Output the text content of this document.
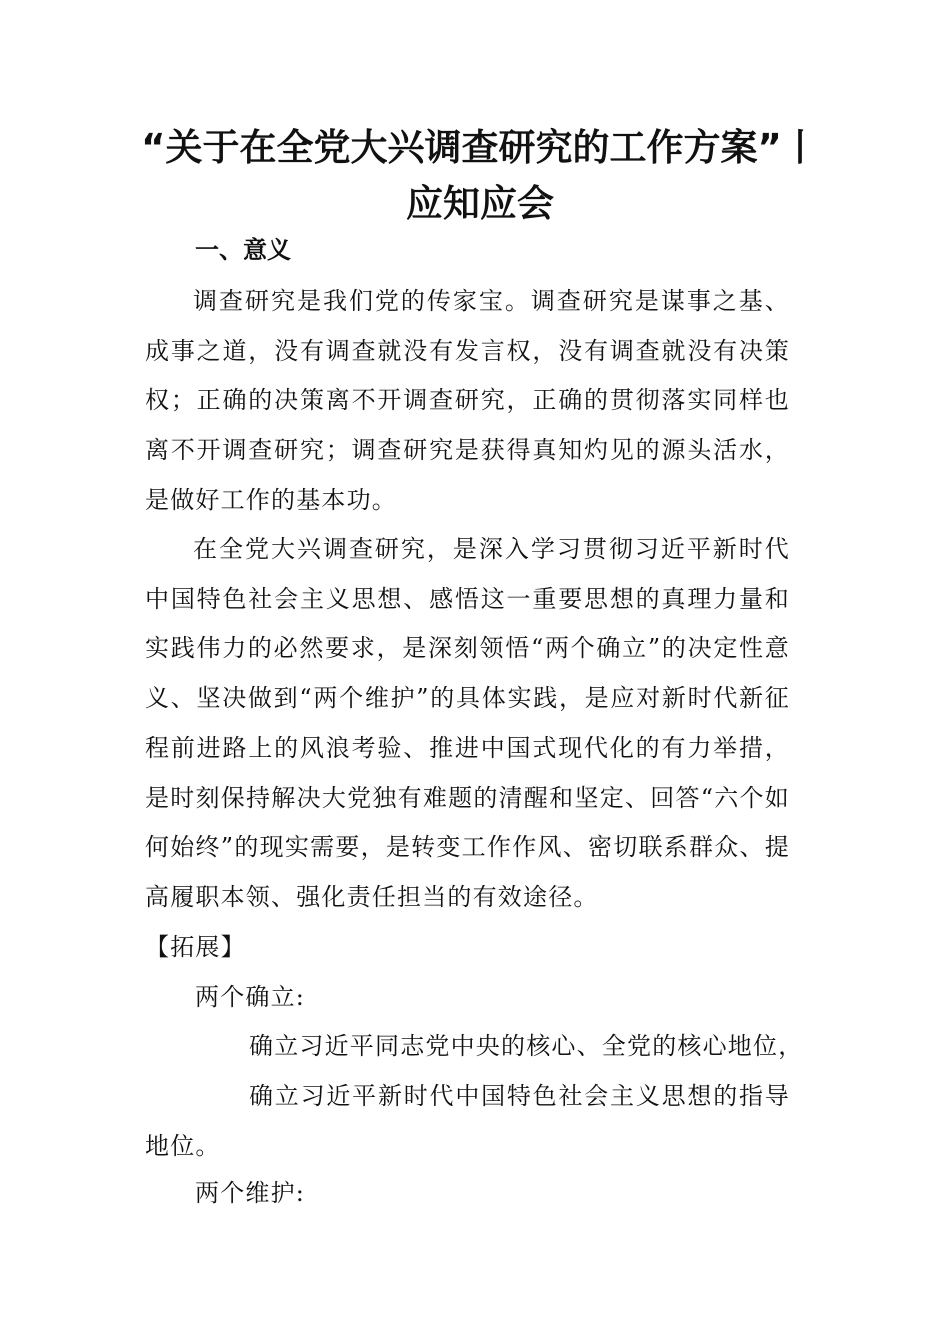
“关于在全党大兴调查研究的工作方案”丨应知应会
一、意义

调查研究是我们党的传家宝。调查研究是谋事之基、成事之道，没有调查就没有发言权，没有调查就没有决策权；正确的决策离不开调查研究，正确的贯彻落实同样也离不开调查研究；调查研究是获得真知灼见的源头活水，是做好工作的基本功。

在全党大兴调查研究，是深入学习贯彻习近平新时代中国特色社会主义思想、感悟这一重要思想的真理力量和实践伟力的必然要求，是深刻领悟“两个确立”的决定性意义、坚决做到“两个维护”的具体实践，是应对新时代新征程前进路上的风浪考验、推进中国式现代化的有力举措，是时刻保持解决大党独有难题的清醒和坚定、回答“六个如何始终”的现实需要，是转变工作作风、密切联系群众、提高履职本领、强化责任担当的有效途径。

【拓展】

两个确立:

确立习近平同志党中央的核心、全党的核心地位，

确立习近平新时代中国特色社会主义思想的指导地位。

两个维护:
